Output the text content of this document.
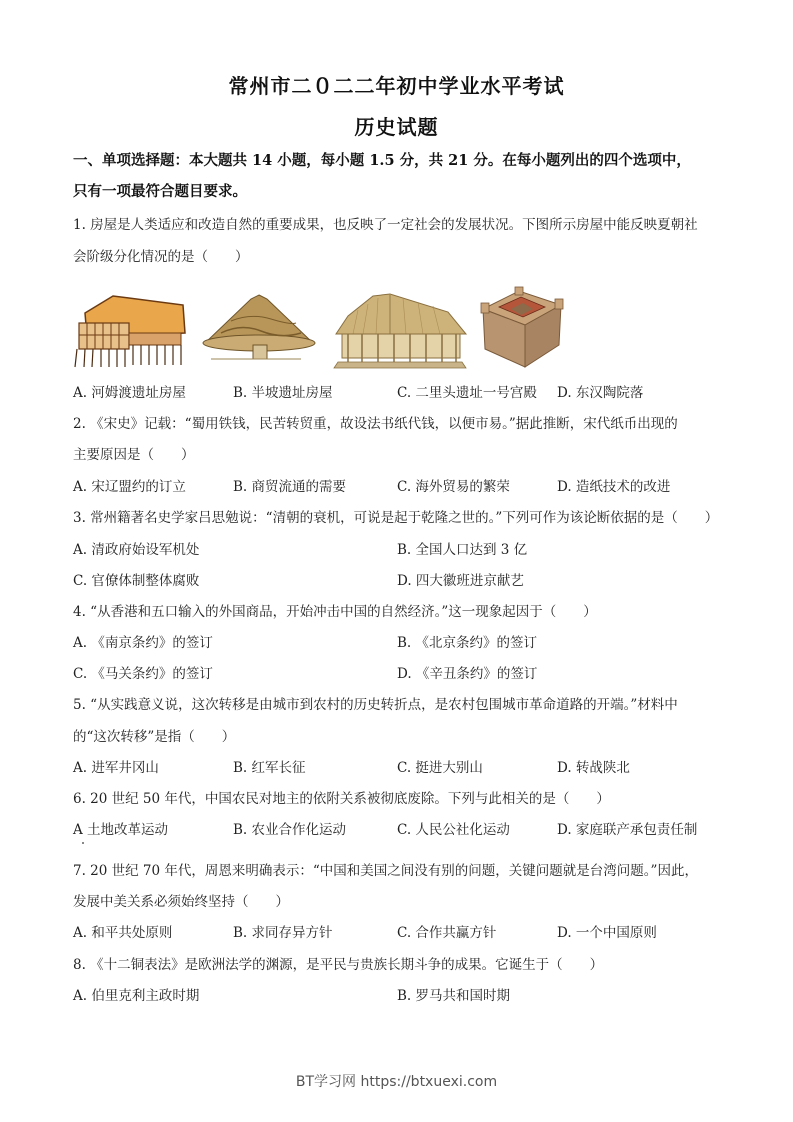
常州市二０二二年初中学业水平考试
历史试题
一、单项选择题：本大题共 14 小题，每小题 1.5 分，共 21 分。在每小题列出的四个选项中，
只有一项最符合题目要求。
1. 房屋是人类适应和改造自然的重要成果，也反映了一定社会的发展状况。下图所示房屋中能反映夏朝社
会阶级分化情况的是（　　）
A. 河姆渡遗址房屋	B. 半坡遗址房屋	C. 二里头遗址一号宫殿 D. 东汉陶院落
2. 《宋史》记载：“蜀用铁钱，民苦转贸重，故设法书纸代钱，以便市易。”据此推断，宋代纸币出现的
主要原因是（　　）
A. 宋辽盟约的订立	B. 商贸流通的需要	C. 海外贸易的繁荣	D. 造纸技术的改进
3. 常州籍著名史学家吕思勉说：“清朝的衰机，可说是起于乾隆之世的。”下列可作为该论断依据的是（　　）
A. 清政府始设军机处	B. 全国人口达到 3 亿
C. 官僚体制整体腐败	D. 四大徽班进京献艺
4. “从香港和五口输入的外国商品，开始冲击中国的自然经济。”这一现象起因于（　　）
A. 《南京条约》的签订	B. 《北京条约》的签订
C. 《马关条约》的签订	D. 《辛丑条约》的签订
5. “从实践意义说，这次转移是由城市到农村的历史转折点，是农村包围城市革命道路的开端。”材料中
的“这次转移”是指（　　）
A. 进军井冈山	B. 红军长征	C. 挺进大别山	D. 转战陕北
6. 20 世纪 50 年代，中国农民对地主的依附关系被彻底废除。下列与此相关的是（　　）
A 土地改革运动	B. 农业合作化运动	C. 人民公社化运动	D. 家庭联产承包责任制
7. 20 世纪 70 年代，周恩来明确表示：“中国和美国之间没有别的问题，关键问题就是台湾问题。”因此，
发展中美关系必须始终坚持（　　）
A. 和平共处原则	B. 求同存异方针	C. 合作共赢方针	D. 一个中国原则
8. 《十二铜表法》是欧洲法学的渊源，是平民与贵族长期斗争的成果。它诞生于（　　）
A. 伯里克利主政时期	B. 罗马共和国时期
BT学习网 https://btxuexi.com
